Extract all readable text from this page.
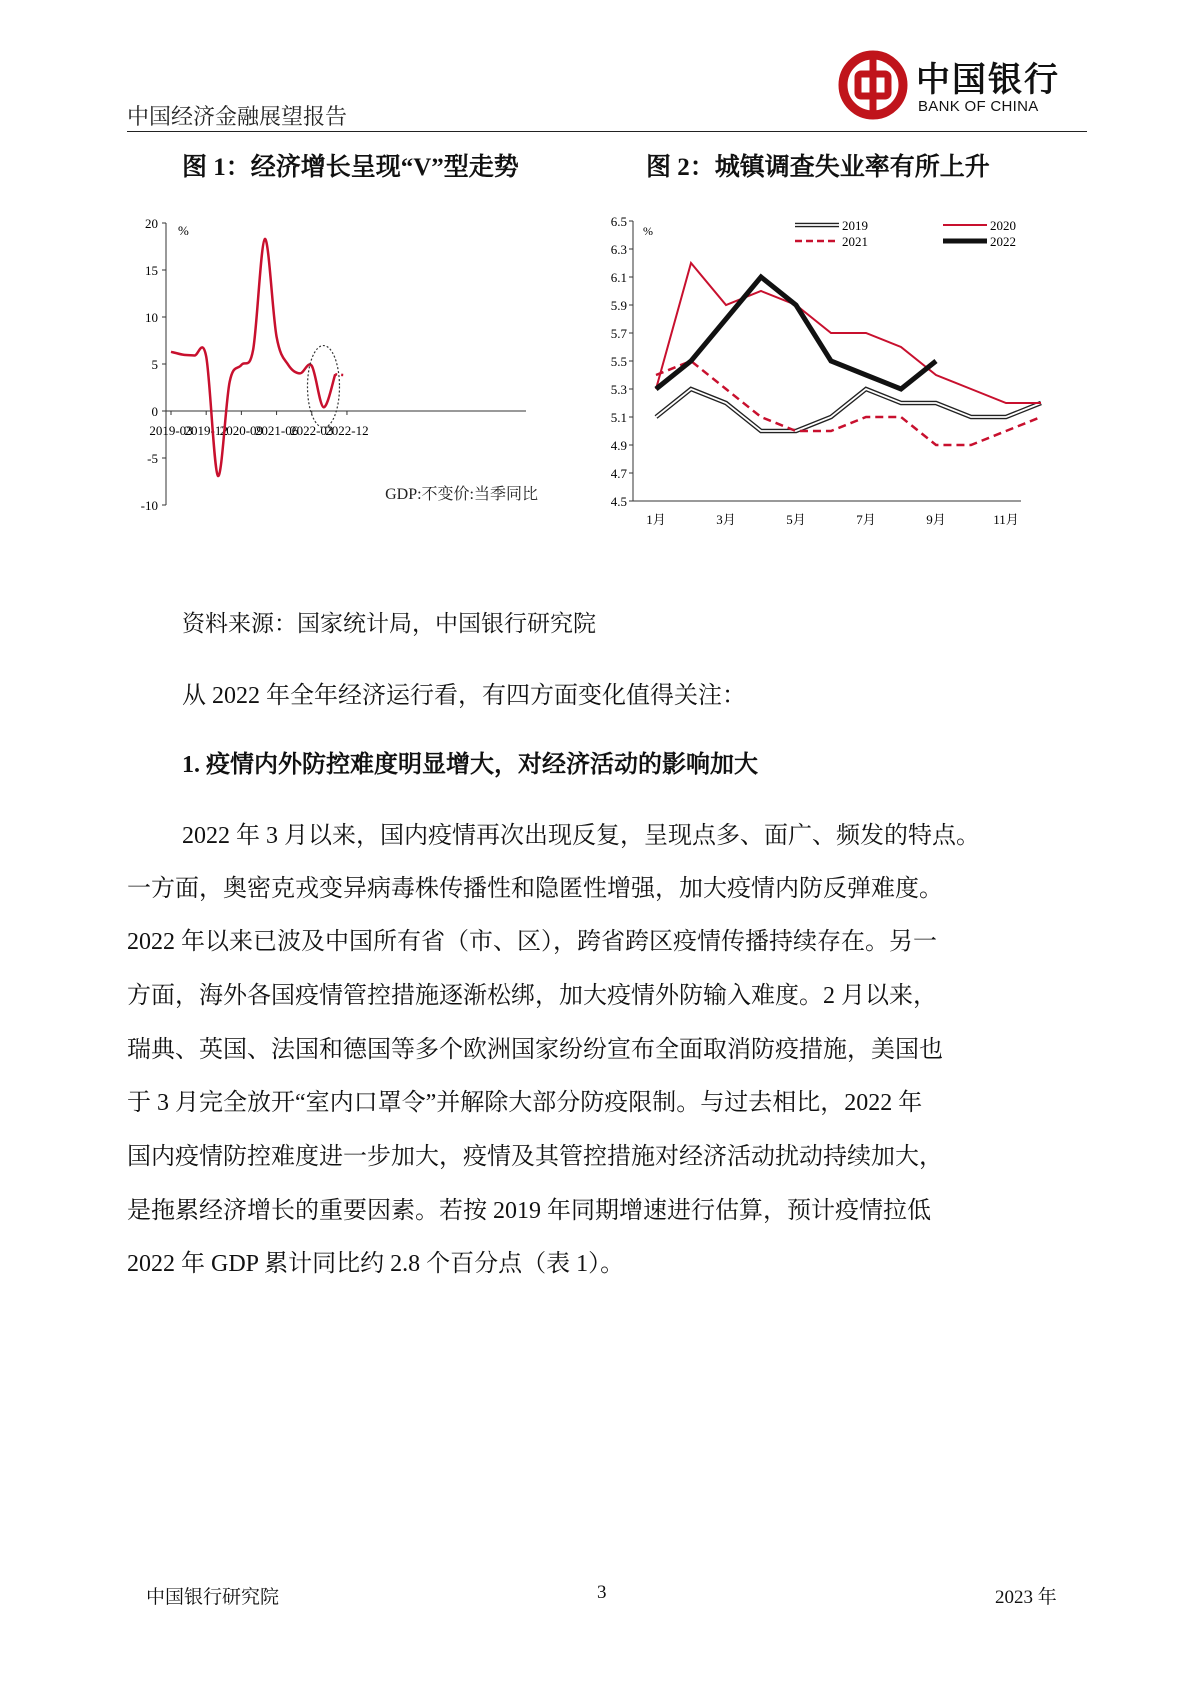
中国经济金融展望报告
中国银行
BANK OF CHINA
图 1：经济增长呈现“V”型走势	图 2：城镇调查失业率有所上升
20
15
10
5
0
-5
-10
%
2019-03
2019-12
2020-09
2021-06
2022-03
2022-12
GDP:不变价:当季同比
6.5
6.3
6.1
5.9
5.7
5.5
5.3
5.1
4.9
4.7
4.5
%
1月	3月	5月	7月	9月	11月
2019	2020
2021	2022
资料来源：国家统计局，中国银行研究院
从 2022 年全年经济运行看，有四方面变化值得关注：
1. 疫情内外防控难度明显增大，对经济活动的影响加大
2022 年 3 月以来，国内疫情再次出现反复，呈现点多、面广、频发的特点。
一方面，奥密克戎变异病毒株传播性和隐匿性增强，加大疫情内防反弹难度。
2022 年以来已波及中国所有省（市、区），跨省跨区疫情传播持续存在。另一
方面，海外各国疫情管控措施逐渐松绑，加大疫情外防输入难度。2 月以来，
瑞典、英国、法国和德国等多个欧洲国家纷纷宣布全面取消防疫措施，美国也
于 3 月完全放开“室内口罩令”并解除大部分防疫限制。与过去相比，2022 年
国内疫情防控难度进一步加大，疫情及其管控措施对经济活动扰动持续加大，
是拖累经济增长的重要因素。若按 2019 年同期增速进行估算，预计疫情拉低
2022 年 GDP 累计同比约 2.8 个百分点（表 1）。
中国银行研究院	3	2023 年
